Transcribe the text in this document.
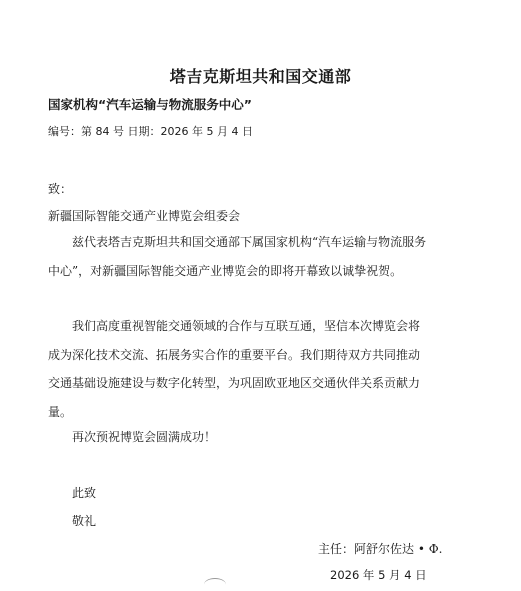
塔吉克斯坦共和国交通部
国家机构“汽车运输与物流服务中心”
编号：第 84 号 日期：2026 年 5 月 4 日
致：
新疆国际智能交通产业博览会组委会

兹代表塔吉克斯坦共和国交通部下属国家机构“汽车运输与物流服务中心”，对新疆国际智能交通产业博览会的即将开幕致以诚挚祝贺。

我们高度重视智能交通领域的合作与互联互通，坚信本次博览会将成为深化技术交流、拓展务实合作的重要平台。我们期待双方共同推动交通基础设施建设与数字化转型，为巩固欧亚地区交通伙伴关系贡献力量。

再次预祝博览会圆满成功！

此致
敬礼
主任：阿舒尔佐达 • Ф.
2026 年 5 月 4 日
